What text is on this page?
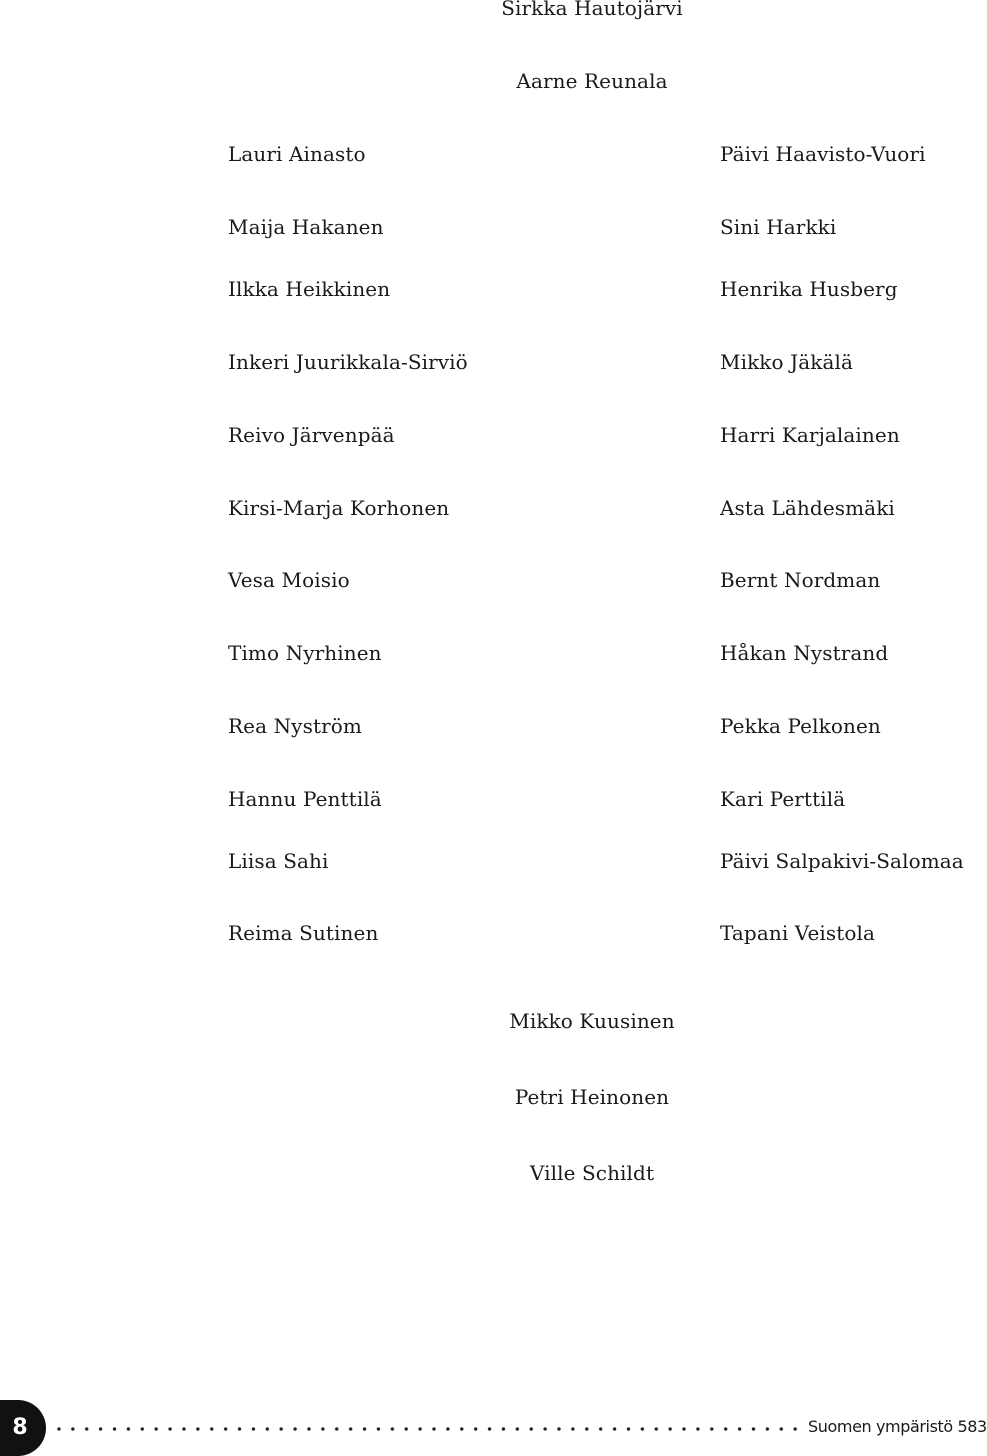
Sirkka Hautojärvi
Aarne Reunala
Lauri Ainasto
Maija Hakanen
Ilkka Heikkinen
Inkeri Juurikkala-Sirviö
Reivo Järvenpää
Kirsi-Marja Korhonen
Vesa Moisio
Timo Nyrhinen
Rea Nyström
Hannu Penttilä
Liisa Sahi
Reima Sutinen
Päivi Haavisto-Vuori
Sini Harkki
Henrika Husberg
Mikko Jäkälä
Harri Karjalainen
Asta Lähdesmäki
Bernt Nordman
Håkan Nystrand
Pekka Pelkonen
Kari Perttilä
Päivi Salpakivi-Salomaa
Tapani Veistola
Mikko Kuusinen
Petri Heinonen
Ville Schildt
8	Suomen ympäristö 583
